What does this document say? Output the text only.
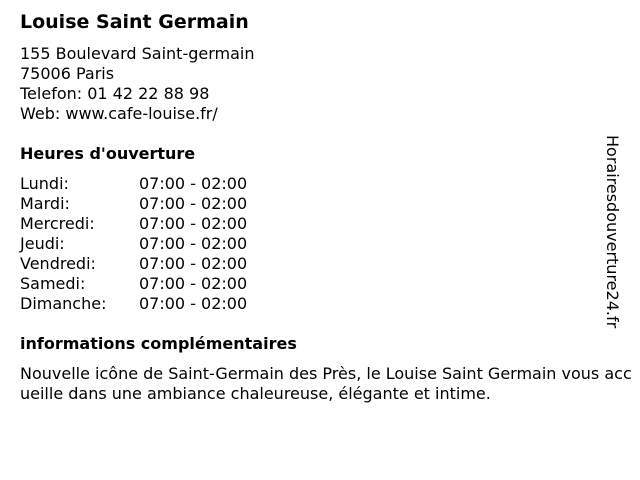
Louise Saint Germain
155 Boulevard Saint-germain
75006 Paris
Telefon: 01 42 22 88 98
Web: www.cafe-louise.fr/
Heures d'ouverture
Lundi:	07:00 - 02:00
Mardi:	07:00 - 02:00
Mercredi:	07:00 - 02:00
Jeudi:	07:00 - 02:00
Vendredi:	07:00 - 02:00
Samedi:	07:00 - 02:00
Dimanche:	07:00 - 02:00
informations complémentaires
Nouvelle icône de Saint-Germain des Près, le Louise Saint Germain vous accueille dans une ambiance chaleureuse, élégante et intime.
Horairesdouverture24.fr
